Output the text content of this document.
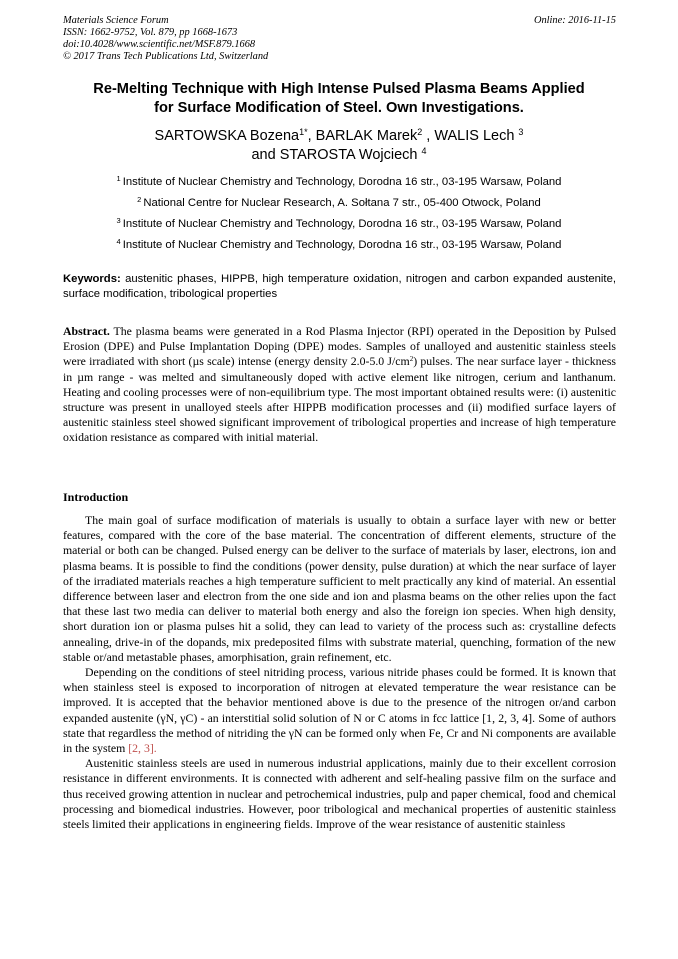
Materials Science Forum
ISSN: 1662-9752, Vol. 879, pp 1668-1673
doi:10.4028/www.scientific.net/MSF.879.1668
© 2017 Trans Tech Publications Ltd, Switzerland
Online: 2016-11-15
Re-Melting Technique with High Intense Pulsed Plasma Beams Applied
for Surface Modification of Steel. Own Investigations.
SARTOWSKA Bozena$^{1*}$, BARLAK Marek$^2$ , WALIS Lech $^3$
and STAROSTA Wojciech $^4$
$^1$ Institute of Nuclear Chemistry and Technology, Dorodna 16 str., 03-195 Warsaw, Poland
$^2$ National Centre for Nuclear Research, A. Sołtana 7 str., 05-400 Otwock, Poland
$^3$ Institute of Nuclear Chemistry and Technology, Dorodna 16 str., 03-195 Warsaw, Poland
$^4$ Institute of Nuclear Chemistry and Technology, Dorodna 16 str., 03-195 Warsaw, Poland
Keywords: austenitic phases, HIPPB, high temperature oxidation, nitrogen and carbon expanded austenite, surface modification, tribological properties
Abstract. The plasma beams were generated in a Rod Plasma Injector (RPI) operated in the Deposition by Pulsed Erosion (DPE) and Pulse Implantation Doping (DPE) modes. Samples of unalloyed and austenitic stainless steels were irradiated with short (µs scale) intense (energy density 2.0-5.0 $J/cm^2$) pulses. The near surface layer - thickness in µm range - was melted and simultaneously doped with active element like nitrogen, cerium and lanthanum. Heating and cooling processes were of non-equilibrium type. The most important obtained results were: (i) austenitic structure was present in unalloyed steels after HIPPB modification processes and (ii) modified surface layers of austenitic stainless steel showed significant improvement of tribological properties and increase of high temperature oxidation resistance as compared with initial material.
Introduction

The main goal of surface modification of materials is usually to obtain a surface layer with new or better features, compared with the core of the base material. The concentration of different elements, structure of the material or both can be changed. Pulsed energy can be deliver to the surface of materials by laser, electrons, ion and plasma beams. It is possible to find the conditions (power density, pulse duration) at which the near surface of layer of the irradiated materials reaches a high temperature sufficient to melt practically any kind of material. An essential difference between laser and electron from the one side and ion and plasma beams on the other relies upon the fact that these last two media can deliver to material both energy and also the foreign ion species. When high density, short duration ion or plasma pulses hit a solid, they can lead to variety of the process such as: crystalline defects annealing, drive-in of the dopands, mix predeposited films with substrate material, quenching, formation of the new stable or/and metastable phases, amorphisation, grain refinement, etc.

Depending on the conditions of steel nitriding process, various nitride phases could be formed. It is known that when stainless steel is exposed to incorporation of nitrogen at elevated temperature the wear resistance can be improved. It is accepted that the behavior mentioned above is due to the presence of the nitrogen or/and carbon expanded austenite (γN, γC) - an interstitial solid solution of N or C atoms in fcc lattice [1, 2, 3, 4]. Some of authors state that regardless the method of nitriding the γN can be formed only when Fe, Cr and Ni components are available in the system [2, 3].

Austenitic stainless steels are used in numerous industrial applications, mainly due to their excellent corrosion resistance in different environments. It is connected with adherent and self-healing passive film on the surface and thus received growing attention in nuclear and petrochemical industries, pulp and paper chemical, food and chemical processing and biomedical industries. However, poor tribological and mechanical properties of austenitic stainless steels limited their applications in engineering fields. Improve of the wear resistance of austenitic stainless
